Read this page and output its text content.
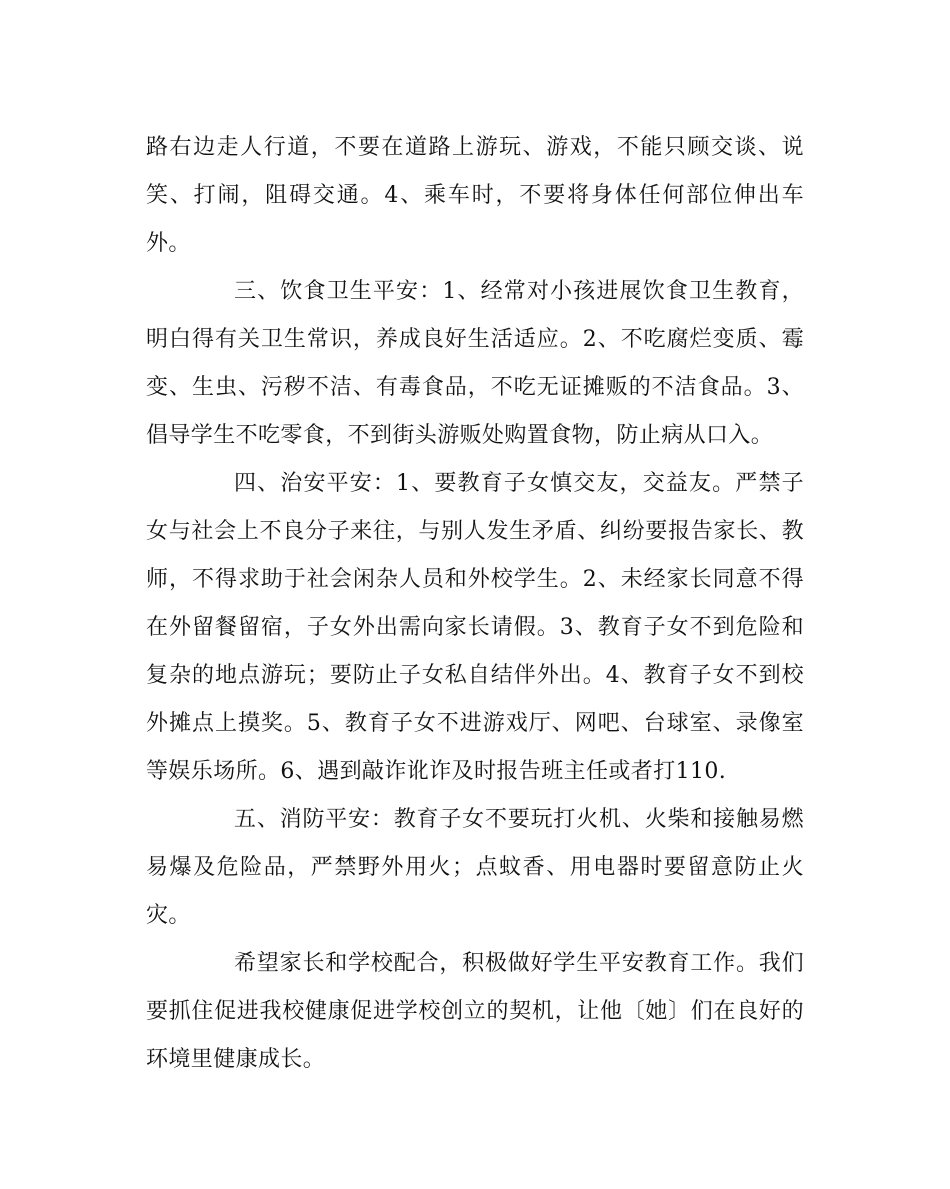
路右边走人行道，不要在道路上游玩、游戏，不能只顾交谈、说笑、打闹，阻碍交通。4、乘车时，不要将身体任何部位伸出车外。

三、饮食卫生平安：1、经常对小孩进展饮食卫生教育，明白得有关卫生常识，养成良好生活适应。2、不吃腐烂变质、霉变、生虫、污秽不洁、有毒食品，不吃无证摊贩的不洁食品。3、倡导学生不吃零食，不到街头游贩处购置食物，防止病从口入。

四、治安平安：1、要教育子女慎交友，交益友。严禁子女与社会上不良分子来往，与别人发生矛盾、纠纷要报告家长、教师，不得求助于社会闲杂人员和外校学生。2、未经家长同意不得在外留餐留宿，子女外出需向家长请假。3、教育子女不到危险和复杂的地点游玩；要防止子女私自结伴外出。4、教育子女不到校外摊点上摸奖。5、教育子女不进游戏厅、网吧、台球室、录像室等娱乐场所。6、遇到敲诈讹诈及时报告班主任或者打110.

五、消防平安：教育子女不要玩打火机、火柴和接触易燃易爆及危险品，严禁野外用火；点蚊香、用电器时要留意防止火灾。

希望家长和学校配合，积极做好学生平安教育工作。我们要抓住促进我校健康促进学校创立的契机，让他〔她〕们在良好的环境里健康成长。
